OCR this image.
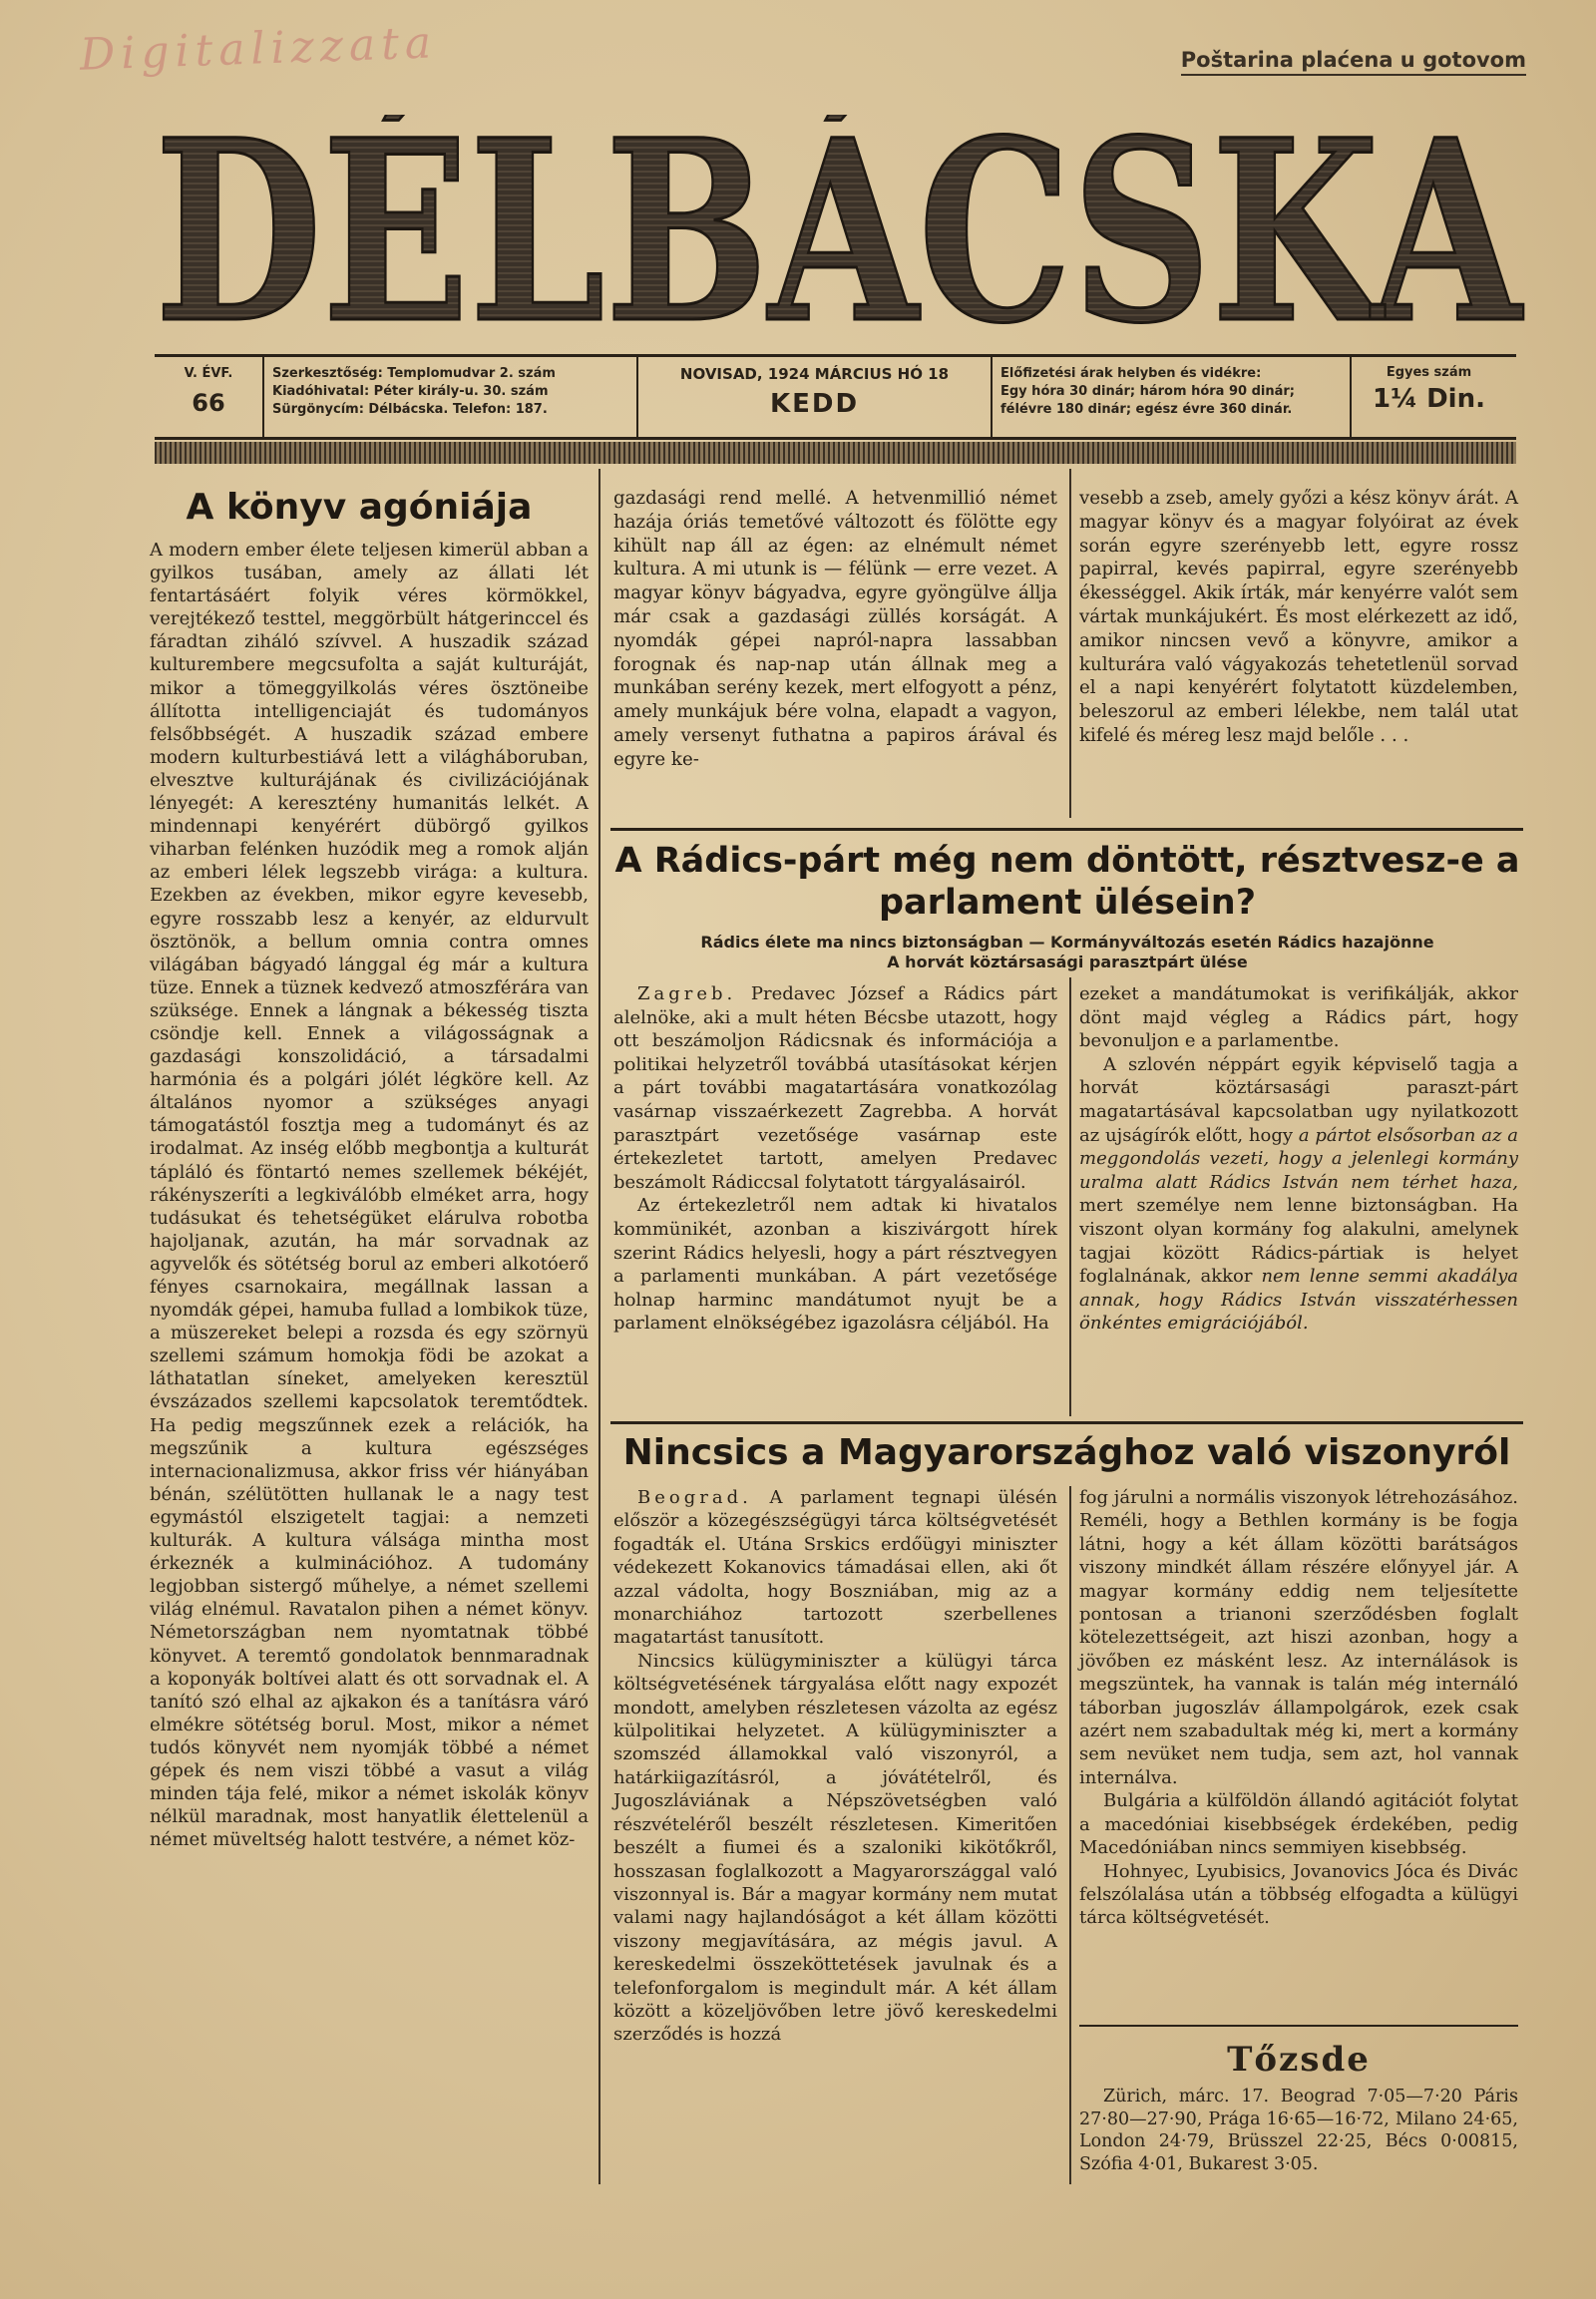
Digitalizzata	Poštarina plaćena u gotovom
DÉLBÁCSKA
V. ÉVF.
66
Szerkesztőség: Templomudvar 2. szám
Kiadóhivatal: Péter király-u. 30. szám
Sürgönycím: Délbácska. Telefon: 187.
NOVISAD, 1924 MÁRCIUS HÓ 18
KEDD
Előfizetési árak helyben és vidékre:
Egy hóra 30 dinár; három hóra 90 dinár;
félévre 180 dinár; egész évre 360 dinár.
Egyes szám
1¼ Din.
A könyv agóniája

A modern ember élete teljesen kimerül abban a gyilkos tusában, amely az állati lét fentartásáért folyik véres körmökkel, verejtékező testtel, meggörbült hátgerinccel és fáradtan ziháló szívvel. A huszadik század kulturembere megcsufolta a saját kulturáját, mikor a tömeggyilkolás véres ösztöneibe állította intelligenciaját és tudományos felsőbbségét. A huszadik század embere modern kulturbestiává lett a világháboruban, elvesztve kulturájának és civilizációjának lényegét: A keresztény humanitás lelkét. A mindennapi kenyérért dübörgő gyilkos viharban felénken huzódik meg a romok alján az emberi lélek legszebb virága: a kultura. Ezekben az években, mikor egyre kevesebb, egyre rosszabb lesz a kenyér, az eldurvult ösztönök, a bellum omnia contra omnes világában bágyadó lánggal ég már a kultura tüze. Ennek a tüznek kedvező atmoszférára van szüksége. Ennek a lángnak a békesség tiszta csöndje kell. Ennek a világosságnak a gazdasági konszolidáció, a társadalmi harmónia és a polgári jólét légköre kell. Az általános nyomor a szükséges anyagi támogatástól fosztja meg a tudományt és az irodalmat. Az inség előbb megbontja a kulturát tápláló és föntartó nemes szellemek békéjét, rákényszeríti a legkiválóbb elméket arra, hogy tudásukat és tehetségüket elárulva robotba hajoljanak, azután, ha már sorvadnak az agyvelők és sötétség borul az emberi alkotóerő fényes csarnokaira, megállnak lassan a nyomdák gépei, hamuba fullad a lombikok tüze, a müszereket belepi a rozsda és egy szörnyü szellemi számum homokja födi be azokat a láthatatlan síneket, amelyeken keresztül évszázados szellemi kapcsolatok teremtődtek. Ha pedig megszűnnek ezek a relációk, ha megszűnik a kultura egészséges internacionalizmusa, akkor friss vér hiányában bénán, szélütötten hullanak le a nagy test egymástól elszigetelt tagjai: a nemzeti kulturák. A kultura válsága mintha most érkeznék a kulminációhoz. A tudomány legjobban sistergő műhelye, a német szellemi világ elnémul. Ravatalon pihen a német könyv. Németországban nem nyomtatnak többé könyvet. A teremtő gondolatok bennmaradnak a koponyák boltívei alatt és ott sorvadnak el. A tanító szó elhal az ajkakon és a tanításra váró elmékre sötétség borul. Most, mikor a német tudós könyvét nem nyomják többé a német gépek és nem viszi többé a vasut a világ minden tája felé, mikor a német iskolák könyv nélkül maradnak, most hanyatlik élettelenül a német müveltség halott testvére, a német köz-

gazdasági rend mellé. A hetvenmillió német hazája óriás temetővé változott és fölötte egy kihült nap áll az égen: az elnémult német kultura. A mi utunk is — félünk — erre vezet. A magyar könyv bágyadva, egyre gyöngülve állja már csak a gazdasági züllés korságát. A nyomdák gépei napról-napra lassabban forognak és nap-nap után állnak meg a munkában serény kezek, mert elfogyott a pénz, amely munkájuk bére volna, elapadt a vagyon, amely versenyt futhatna a papiros árával és egyre ke-

vesebb a zseb, amely győzi a kész könyv árát. A magyar könyv és a magyar folyóirat az évek során egyre szerényebb lett, egyre rossz papirral, kevés papirral, egyre szerényebb ékességgel. Akik írták, már kenyérre valót sem vártak munkájukért. És most elérkezett az idő, amikor nincsen vevő a könyvre, amikor a kulturára való vágyakozás tehetetlenül sorvad el a napi kenyérért folytatott küzdelemben, beleszorul az emberi lélekbe, nem talál utat kifelé és méreg lesz majd belőle . . .

A Rádics-párt még nem döntött, résztvesz-e a
parlament ülésein?
Rádics élete ma nincs biztonságban — Kormányváltozás esetén Rádics hazajönne
A horvát köztársasági parasztpárt ülése

Zagreb. Predavec József a Rádics párt alelnöke, aki a mult héten Bécsbe utazott, hogy ott beszámoljon Rádicsnak és információja a politikai helyzetről továbbá utasításokat kérjen a párt további magatartására vonatkozólag vasárnap visszaérkezett Zagrebba. A horvát parasztpárt vezetősége vasárnap este értekezletet tartott, amelyen Predavec beszámolt Rádiccsal folytatott tárgyalásairól.

Az értekezletről nem adtak ki hivatalos kommünikét, azonban a kiszivárgott hírek szerint Rádics helyesli, hogy a párt résztvegyen a parlamenti munkában. A párt vezetősége holnap harminc mandátumot nyujt be a parlament elnökségébez igazolásra céljából. Ha

ezeket a mandátumokat is verifikálják, akkor dönt majd végleg a Rádics párt, hogy bevonuljon e a parlamentbe.

A szlovén néppárt egyik képviselő tagja a horvát köztársasági paraszt-párt magatartásával kapcsolatban ugy nyilatkozott az ujságírók előtt, hogy a pártot elsősorban az a meggondolás vezeti, hogy a jelenlegi kormány uralma alatt Rádics István nem térhet haza, mert személye nem lenne biztonságban. Ha viszont olyan kormány fog alakulni, amelynek tagjai között Rádics-pártiak is helyet foglalnának, akkor nem lenne semmi akadálya annak, hogy Rádics István visszatérhessen önkéntes emigrációjából.

Nincsics a Magyarországhoz való viszonyról

Beograd. A parlament tegnapi ülésén először a közegészségügyi tárca költségvetését fogadták el. Utána Srskics erdőügyi miniszter védekezett Kokanovics támadásai ellen, aki őt azzal vádolta, hogy Boszniában, mig az a monarchiához tartozott szerbellenes magatartást tanusított.

Nincsics külügyminiszter a külügyi tárca költségvetésének tárgyalása előtt nagy expozét mondott, amelyben részletesen vázolta az egész külpolitikai helyzetet. A külügyminiszter a szomszéd államokkal való viszonyról, a határkiigazításról, a jóvátételről, és Jugoszláviának a Népszövetségben való részvételéről beszélt részletesen. Kimeritően beszélt a fiumei és a szaloniki kikötőkről, hosszasan foglalkozott a Magyarországgal való viszonnyal is. Bár a magyar kormány nem mutat valami nagy hajlandóságot a két állam közötti viszony megjavítására, az mégis javul. A kereskedelmi összeköttetések javulnak és a telefonforgalom is megindult már. A két állam között a közeljövőben letre jövő kereskedelmi szerződés is hozzá

fog járulni a normális viszonyok létrehozásához. Reméli, hogy a Bethlen kormány is be fogja látni, hogy a két állam közötti barátságos viszony mindkét állam részére előnyyel jár. A magyar kormány eddig nem teljesítette pontosan a trianoni szerződésben foglalt kötelezettségeit, azt hiszi azonban, hogy a jövőben ez másként lesz. Az internálások is megszüntek, ha vannak is talán még internáló táborban jugoszláv állampolgárok, ezek csak azért nem szabadultak még ki, mert a kormány sem nevüket nem tudja, sem azt, hol vannak internálva.

Bulgária a külföldön állandó agitációt folytat a macedóniai kisebbségek érdekében, pedig Macedóniában nincs semmiyen kisebbség.

Hohnyec, Lyubisics, Jovanovics Jóca és Divác felszólalása után a többség elfogadta a külügyi tárca költségvetését.

Tőzsde

Zürich, márc. 17. Beograd 7·05—7·20 Páris 27·80—27·90, Prága 16·65—16·72, Milano 24·65, London 24·79, Brüsszel 22·25, Bécs 0·00815, Szófia 4·01, Bukarest 3·05.
